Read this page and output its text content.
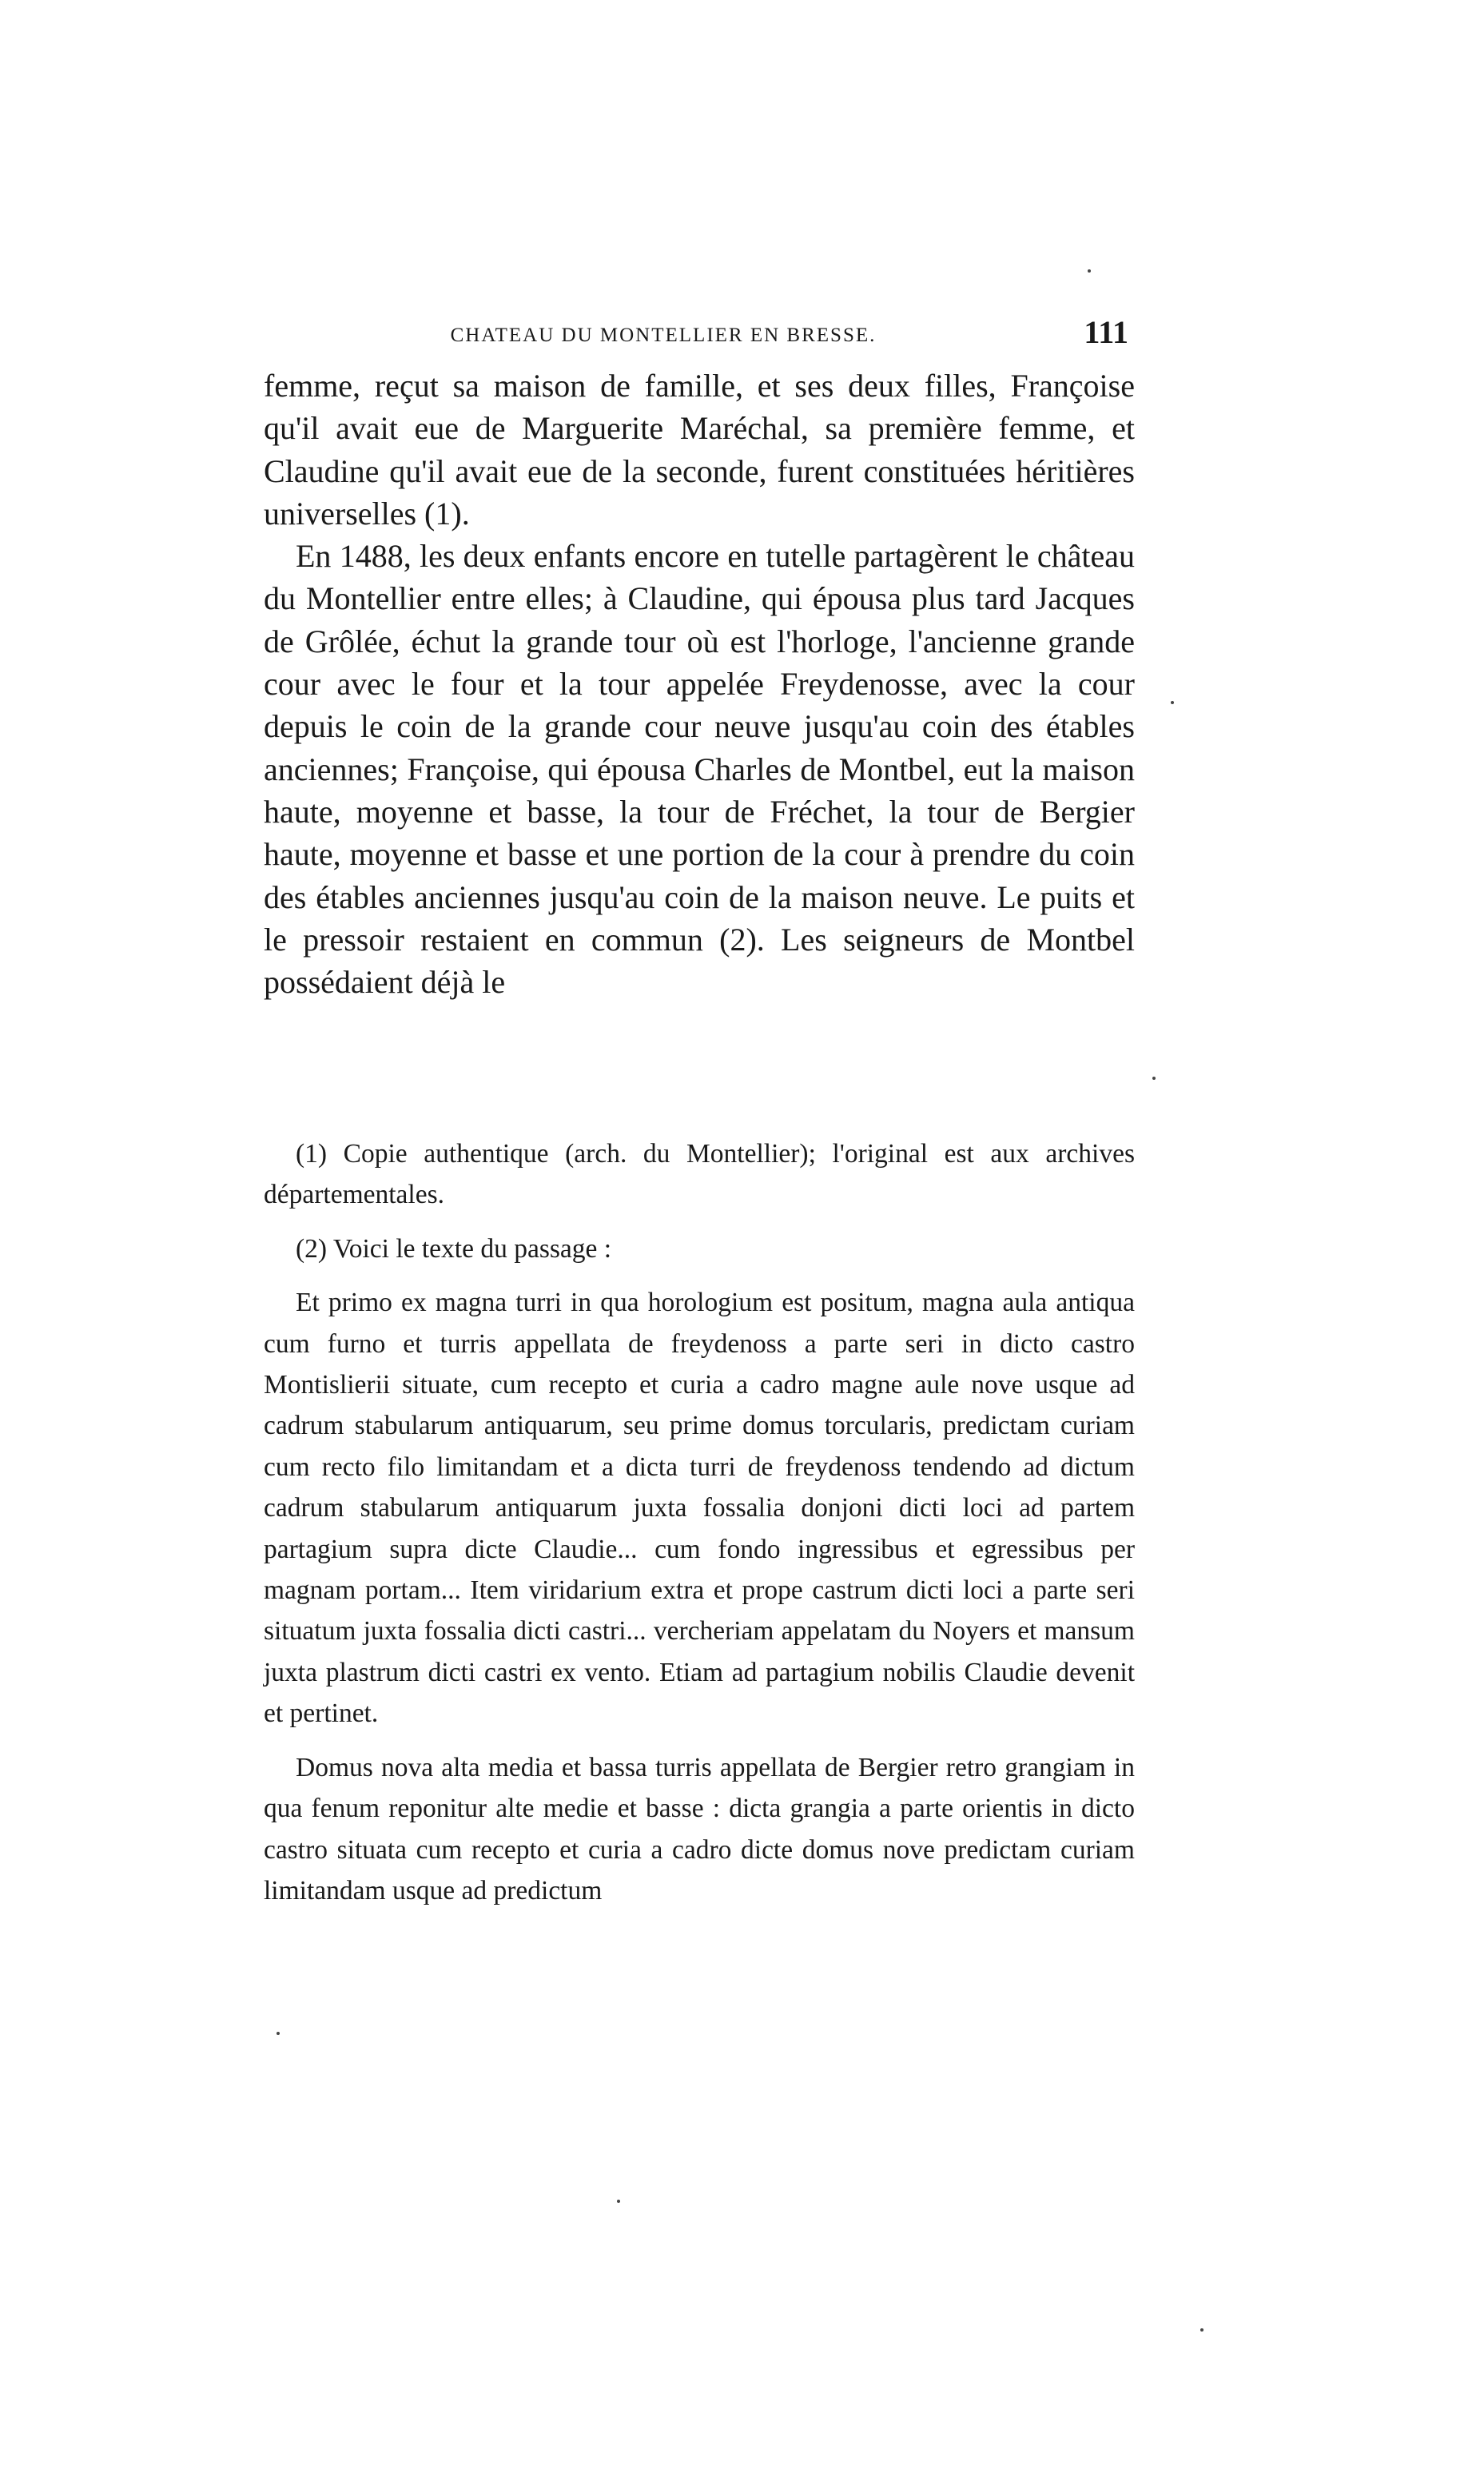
CHATEAU DU MONTELLIER EN BRESSE.	111

femme, reçut sa maison de famille, et ses deux filles, Françoise qu'il avait eue de Marguerite Maréchal, sa première femme, et Claudine qu'il avait eue de la seconde, furent constituées héritières universelles (1).

En 1488, les deux enfants encore en tutelle partagèrent le château du Montellier entre elles; à Claudine, qui épousa plus tard Jacques de Grôlée, échut la grande tour où est l'horloge, l'ancienne grande cour avec le four et la tour appelée Freydenosse, avec la cour depuis le coin de la grande cour neuve jusqu'au coin des étables anciennes; Françoise, qui épousa Charles de Montbel, eut la maison haute, moyenne et basse, la tour de Fréchet, la tour de Bergier haute, moyenne et basse et une portion de la cour à prendre du coin des étables anciennes jusqu'au coin de la maison neuve. Le puits et le pressoir restaient en commun (2). Les seigneurs de Montbel possédaient déjà le

(1) Copie authentique (arch. du Montellier); l'original est aux archives départementales.

(2) Voici le texte du passage :

Et primo ex magna turri in qua horologium est positum, magna aula antiqua cum furno et turris appellata de freydenoss a parte seri in dicto castro Montislierii situate, cum recepto et curia a cadro magne aule nove usque ad cadrum stabularum antiquarum, seu prime domus torcularis, predictam curiam cum recto filo limitandam et a dicta turri de freydenoss tendendo ad dictum cadrum stabularum antiquarum juxta fossalia donjoni dicti loci ad partem partagium supra dicte Claudie... cum fondo ingressibus et egressibus per magnam portam... Item viridarium extra et prope castrum dicti loci a parte seri situatum juxta fossalia dicti castri... vercheriam appelatam du Noyers et mansum juxta plastrum dicti castri ex vento. Etiam ad partagium nobilis Claudie devenit et pertinet.

Domus nova alta media et bassa turris appellata de Bergier retro grangiam in qua fenum reponitur alte medie et basse : dicta grangia a parte orientis in dicto castro situata cum recepto et curia a cadro dicte domus nove predictam curiam limitandam usque ad predictum
